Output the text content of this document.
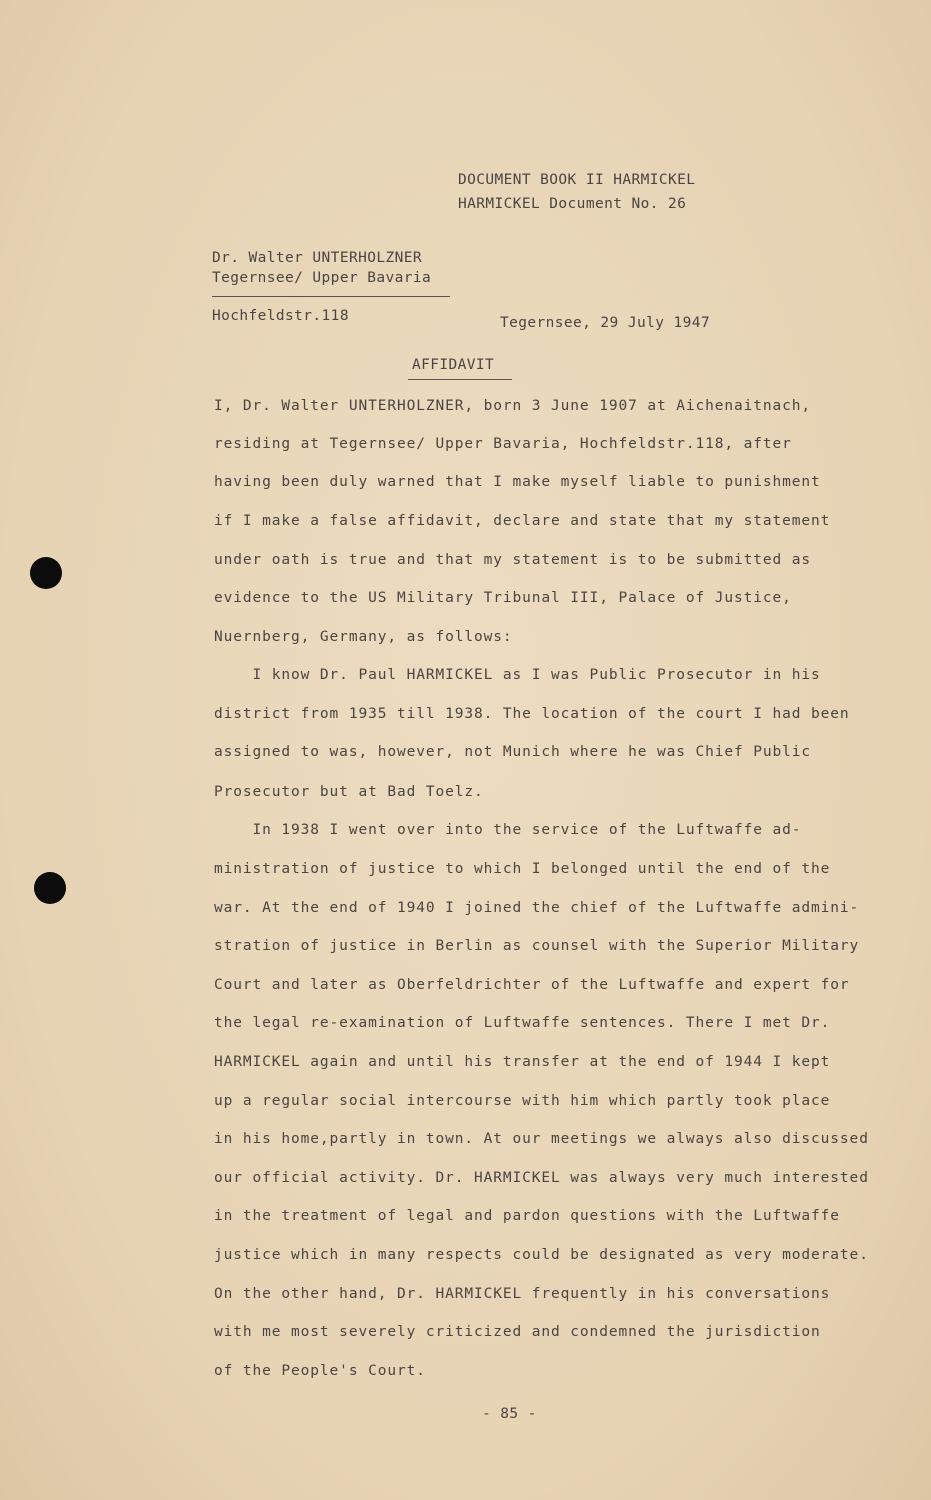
DOCUMENT BOOK II HARMICKEL
HARMICKEL Document No. 26
Dr. Walter UNTERHOLZNER
Tegernsee/ Upper Bavaria
Hochfeldstr.118	Tegernsee, 29 July 1947
AFFIDAVIT
I, Dr. Walter UNTERHOLZNER, born 3 June 1907 at Aichenaitnach,
residing at Tegernsee/ Upper Bavaria, Hochfeldstr.118, after
having been duly warned that I make myself liable to punishment
if I make a false affidavit, declare and state that my statement
under oath is true and that my statement is to be submitted as
evidence to the US Military Tribunal III, Palace of Justice,
Nuernberg, Germany, as follows:
I know Dr. Paul HARMICKEL as I was Public Prosecutor in his
district from 1935 till 1938. The location of the court I had been
assigned to was, however, not Munich where he was Chief Public
Prosecutor but at Bad Toelz.
In 1938 I went over into the service of the Luftwaffe ad-
ministration of justice to which I belonged until the end of the
war. At the end of 1940 I joined the chief of the Luftwaffe admini-
stration of justice in Berlin as counsel with the Superior Military
Court and later as Oberfeldrichter of the Luftwaffe and expert for
the legal re-examination of Luftwaffe sentences. There I met Dr.
HARMICKEL again and until his transfer at the end of 1944 I kept
up a regular social intercourse with him which partly took place
in his home,partly in town. At our meetings we always also discussed
our official activity. Dr. HARMICKEL was always very much interested
in the treatment of legal and pardon questions with the Luftwaffe
justice which in many respects could be designated as very moderate.
On the other hand, Dr. HARMICKEL frequently in his conversations
with me most severely criticized and condemned the jurisdiction
of the People's Court.
- 85 -
